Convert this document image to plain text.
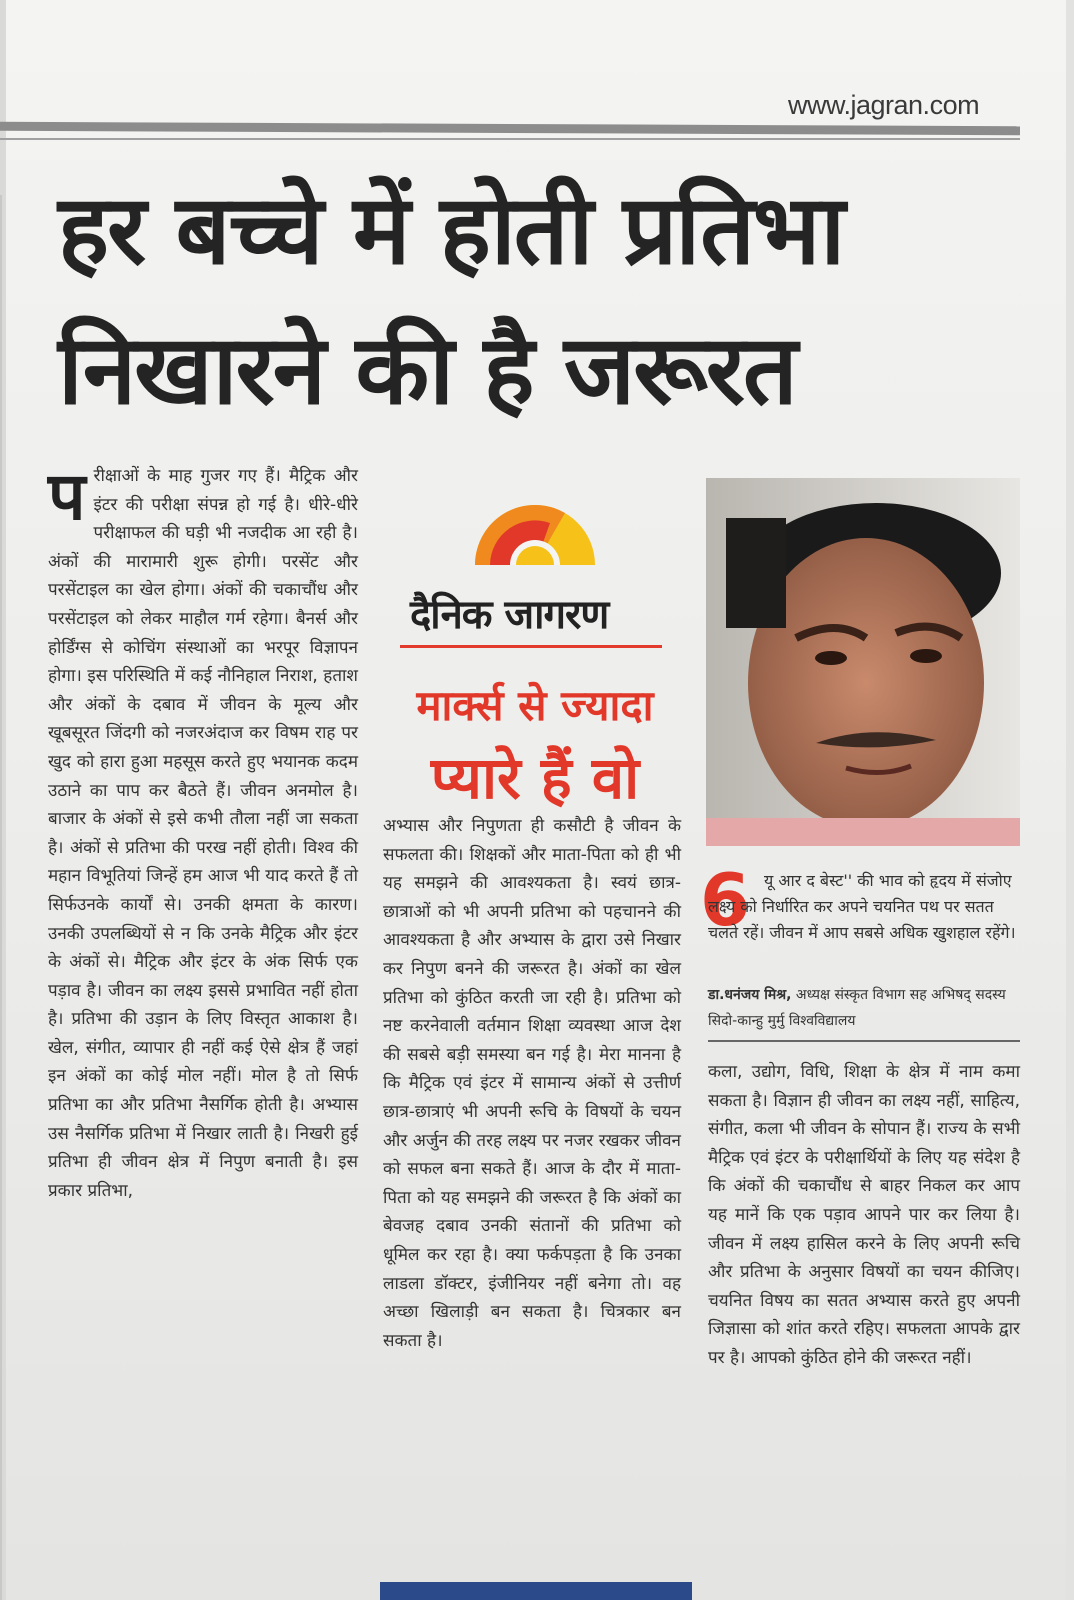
www.jagran.com
हर बच्चे में होती प्रतिभा
निखारने की है जरूरत
प रीक्षाओं के माह गुजर गए हैं। मैट्रिक और इंटर की परीक्षा संपन्न हो गई है। धीरे-धीरे परीक्षाफल की घड़ी भी नजदीक आ रही है। अंकों की मारामारी शुरू होगी। परसेंट और परसेंटाइल का खेल होगा। अंकों की चकाचौंध और परसेंटाइल को लेकर माहौल गर्म रहेगा। बैनर्स और होर्डिंग्स से कोचिंग संस्थाओं का भरपूर विज्ञापन होगा। इस परिस्थिति में कई नौनिहाल निराश, हताश और अंकों के दबाव में जीवन के मूल्य और खूबसूरत जिंदगी को नजरअंदाज कर विषम राह पर खुद को हारा हुआ महसूस करते हुए भयानक कदम उठाने का पाप कर बैठते हैं। जीवन अनमोल है। बाजार के अंकों से इसे कभी तौला नहीं जा सकता है। अंकों से प्रतिभा की परख नहीं होती। विश्व की महान विभूतियां जिन्हें हम आज भी याद करते हैं तो सिर्फउनके कार्यों से। उनकी क्षमता के कारण। उनकी उपलब्धियों से न कि उनके मैट्रिक और इंटर के अंकों से। मैट्रिक और इंटर के अंक सिर्फ एक पड़ाव है। जीवन का लक्ष्य इससे प्रभावित नहीं होता है। प्रतिभा की उड़ान के लिए विस्तृत आकाश है। खेल, संगीत, व्यापार ही नहीं कई ऐसे क्षेत्र हैं जहां इन अंकों का कोई मोल नहीं। मोल है तो सिर्फ प्रतिभा का और प्रतिभा नैसर्गिक होती है। अभ्यास उस नैसर्गिक प्रतिभा में निखार लाती है। निखरी हुई प्रतिभा ही जीवन क्षेत्र में निपुण बनाती है। इस प्रकार प्रतिभा,
दैनिक जागरण
मार्क्स से ज्यादा
प्यारे हैं वो
अभ्यास और निपुणता ही कसौटी है जीवन के सफलता की। शिक्षकों और माता-पिता को ही भी यह समझने की आवश्यकता है। स्वयं छात्र-छात्राओं को भी अपनी प्रतिभा को पहचानने की आवश्यकता है और अभ्यास के द्वारा उसे निखार कर निपुण बनने की जरूरत है। अंकों का खेल प्रतिभा को कुंठित करती जा रही है। प्रतिभा को नष्ट करनेवाली वर्तमान शिक्षा व्यवस्था आज देश की सबसे बड़ी समस्या बन गई है। मेरा मानना है कि मैट्रिक एवं इंटर में सामान्य अंकों से उत्तीर्ण छात्र-छात्राएं भी अपनी रूचि के विषयों के चयन और अर्जुन की तरह लक्ष्य पर नजर रखकर जीवन को सफल बना सकते हैं। आज के दौर में माता-पिता को यह समझने की जरूरत है कि अंकों का बेवजह दबाव उनकी संतानों की प्रतिभा को धूमिल कर रहा है। क्या फर्कपड़ता है कि उनका लाडला डॉक्टर, इंजीनियर नहीं बनेगा तो। वह अच्छा खिलाड़ी बन सकता है। चित्रकार बन सकता है।
6 यू आर द बेस्ट'' की भाव को हृदय में संजोए लक्ष्य को निर्धारित कर अपने चयनित पथ पर सतत चलते रहें। जीवन में आप सबसे अधिक खुशहाल रहेंगे।
डा.धनंजय मिश्र, अध्यक्ष संस्कृत विभाग सह अभिषद् सदस्य सिदो-कान्हु मुर्मु विश्वविद्यालय
कला, उद्योग, विधि, शिक्षा के क्षेत्र में नाम कमा सकता है। विज्ञान ही जीवन का लक्ष्य नहीं, साहित्य, संगीत, कला भी जीवन के सोपान हैं। राज्य के सभी मैट्रिक एवं इंटर के परीक्षार्थियों के लिए यह संदेश है कि अंकों की चकाचौंध से बाहर निकल कर आप यह मानें कि एक पड़ाव आपने पार कर लिया है। जीवन में लक्ष्य हासिल करने के लिए अपनी रूचि और प्रतिभा के अनुसार विषयों का चयन कीजिए। चयनित विषय का सतत अभ्यास करते हुए अपनी जिज्ञासा को शांत करते रहिए। सफलता आपके द्वार पर है। आपको कुंठित होने की जरूरत नहीं।
